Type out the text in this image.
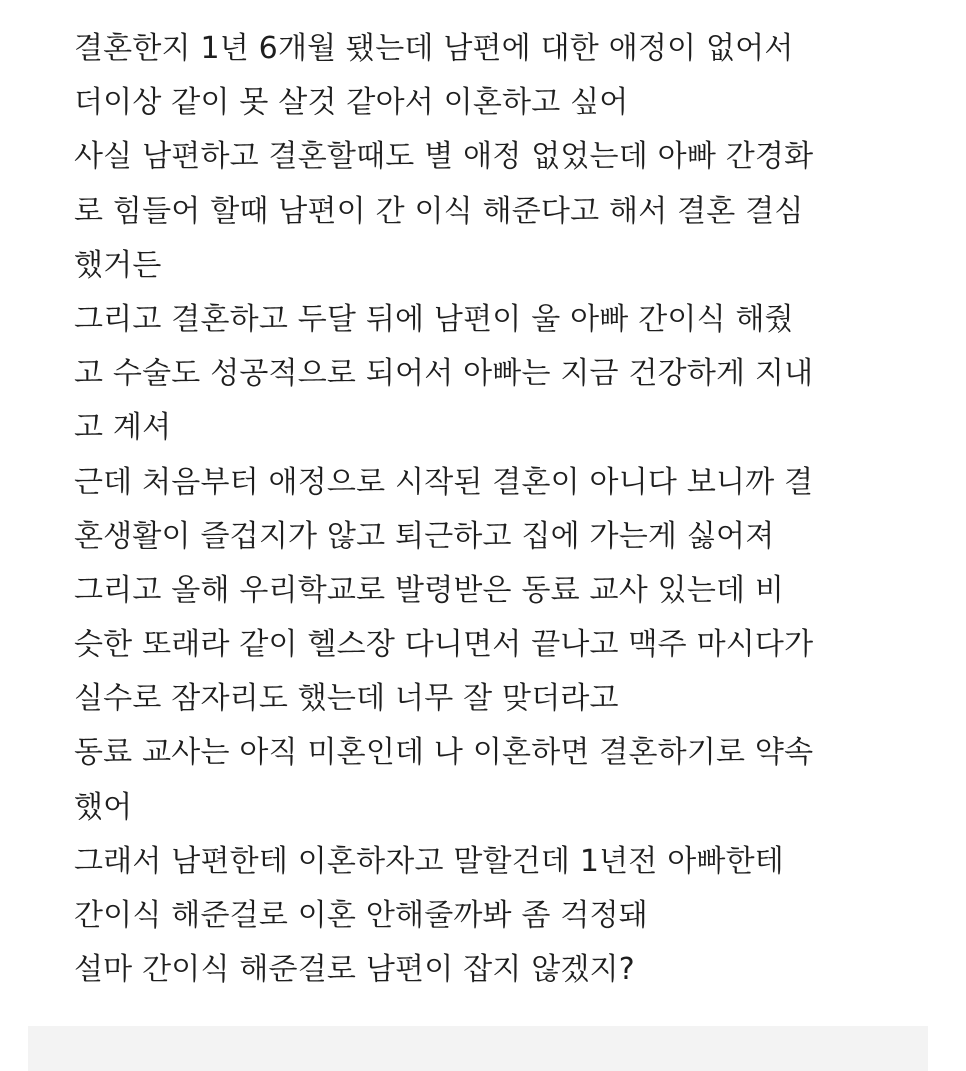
결혼한지 1년 6개월 됐는데 남편에 대한 애정이 없어서
더이상 같이 못 살것 같아서 이혼하고 싶어
사실 남편하고 결혼할때도 별 애정 없었는데 아빠 간경화
로 힘들어 할때 남편이 간 이식 해준다고 해서 결혼 결심
했거든
그리고 결혼하고 두달 뒤에 남편이 울 아빠 간이식 해줬
고 수술도 성공적으로 되어서 아빠는 지금 건강하게 지내
고 계셔
근데 처음부터 애정으로 시작된 결혼이 아니다 보니까 결
혼생활이 즐겁지가 않고 퇴근하고 집에 가는게 싫어져
그리고 올해 우리학교로 발령받은 동료 교사 있는데 비
슷한 또래라 같이 헬스장 다니면서 끝나고 맥주 마시다가
실수로 잠자리도 했는데 너무 잘 맞더라고
동료 교사는 아직 미혼인데 나 이혼하면 결혼하기로 약속
했어
그래서 남편한테 이혼하자고 말할건데 1년전 아빠한테
간이식 해준걸로 이혼 안해줄까봐 좀 걱정돼
설마 간이식 해준걸로 남편이 잡지 않겠지?
